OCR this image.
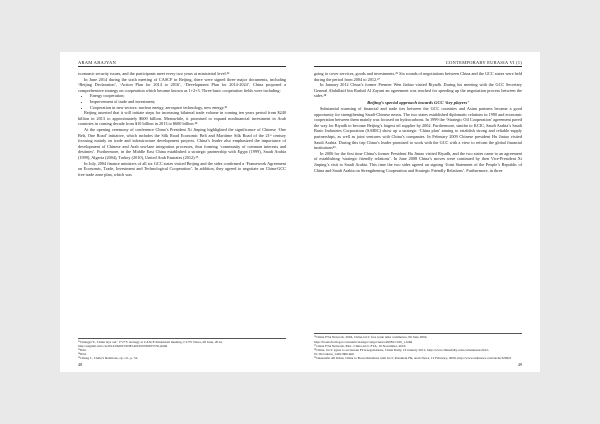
ARAM ABAJYAN

economic security issues, and the participants meet every two years at ministerial level.²²

In June 2014 during the sixth meeting of CASCF in Beijing, there were signed three major documents, including ‘Beijing Declaration’, ‘Action Plan for 2014 to 2016’, ‘Development Plan for 2014-2024’. China proposed a comprehensive strategy on cooperation which became known as 1+2+3. Three basic cooperation fields were including:

• Energy cooperation;
• Improvement of trade and investment;
• Cooperation in new sectors: nuclear energy, aerospace technology, new energy.²³

Beijing asserted that it will initiate steps for increasing bilateral trade volume in coming ten years period from $240 billion in 2013 to approximately $600 billion. Meanwhile, it promised to expand nonfinancial investment in Arab countries in coming decade from $10 billion in 2013 to $600 billion.²⁴

At the opening ceremony of conference China’s President Xi Jinping highlighted the significance of Chinese ‘One Belt, One Road’ initiative, which includes the Silk Road Economic Belt and Maritime Silk Road of the 21ˢᵗ century focusing mainly on trade and infrastructure development projects. China’s leader also emphasized the importance of development of Chinese and Arab sea-lane integration processes, thus forming ‘community of common interests and destinies’. Furthermore, in the Middle East China established a strategic partnership with Egypt (1999), Saudi Arabia (1999), Algeria (2004), Turkey (2010), United Arab Emirates (2012).²⁵

In July, 2004 finance ministers of all six GCC states visited Beijing and the sides confirmed a ‘Framework Agreement on Economic, Trade, Investment and Technological Cooperation’. In addition, they agreed to negotiate on China-GCC free trade zone plan, which was

²²Chengpi Y., China lays out ‘1+2+3’ strategy at CASCF ministerial meeting, CCTV News, 06 June, 2014, http://english.cntv.cn/2014/06/06/VIDE1401950336055576.shtml
²³Ibid.
²⁴Ibid.
²⁵Cheng J., China’s Relations, op. cit., p. 52.
48
CONTEMPORARY EURASIA VI (1)

going to cover services, goods and investments.²⁶ Six rounds of negotiations between China and the GCC states were held during the period from 2004 to 2012.²⁷

In January 2012 China’s former Premier Wen Jiabao visited Riyadh. During his meeting with the GCC Secretary General Abdullatif bin Rashid Al Zayani an agreement was reached for speeding up the negotiation process between the sides.²⁸

Beijing’s special approach towards GCC ‘key players’

Substantial warming of financial and trade ties between the GCC countries and Asian partners became a good opportunity for strengthening Saudi-Chinese nexus. The two states established diplomatic relations in 1990 and economic cooperation between them mainly was focused on hydrocarbons. In 1999 the ‘Strategic Oil Cooperation’ agreement paved the way for Riyadh to become Beijing’s largest oil supplier by 2002. Furthermore, similar to KCIC, Saudi Arabia’s Saudi Basic Industries Corporation (SABIC) show up a strategic ‘China plan’ aiming to establish strong and reliable supply partnerships, as well as joint ventures with China’s companies. In February 2009 Chinese president Hu Jintao visited Saudi Arabia. During this trip China’s leader promised to work with the GCC with a view to reform the global financial institutions²⁹.

In 2006 for the first time China’s former President Hu Jintao visited Riyadh, and the two states came to an agreement of establishing ‘strategic friendly relations’. In June 2008 China’s moves were continued by then Vice-President Xi Jinping’s visit to Saudi Arabia. This time the two sides agreed on signing ‘Joint Statement of the People’s Republic of China and Saudi Arabia on Strengthening Cooperation and Strategic Friendly Relations’. Furthermore, in three

²⁶China FTA Network, 2004, China-GCC free trade talks commence, 06 June 2004, http://fta.mofcom.gov.cn/enarticle/engcc/engccnews/200811/160_1.html
²⁷China FTA Network, Ibid., China-GCC FTA, 16 November, 2016.
²⁸China, GCC agree to accelerate FTA negotiations, China Daily, 16 January 2012, http://www.chinadaily.com.cn/business/2012-01/16/content_14451800.htm
²⁹Ghazanfar Ali Khan, China to Boost Relations with GCC President Hu, Arab News, 12 February, 2009, http://www.arabnews.com/node/320921
49
